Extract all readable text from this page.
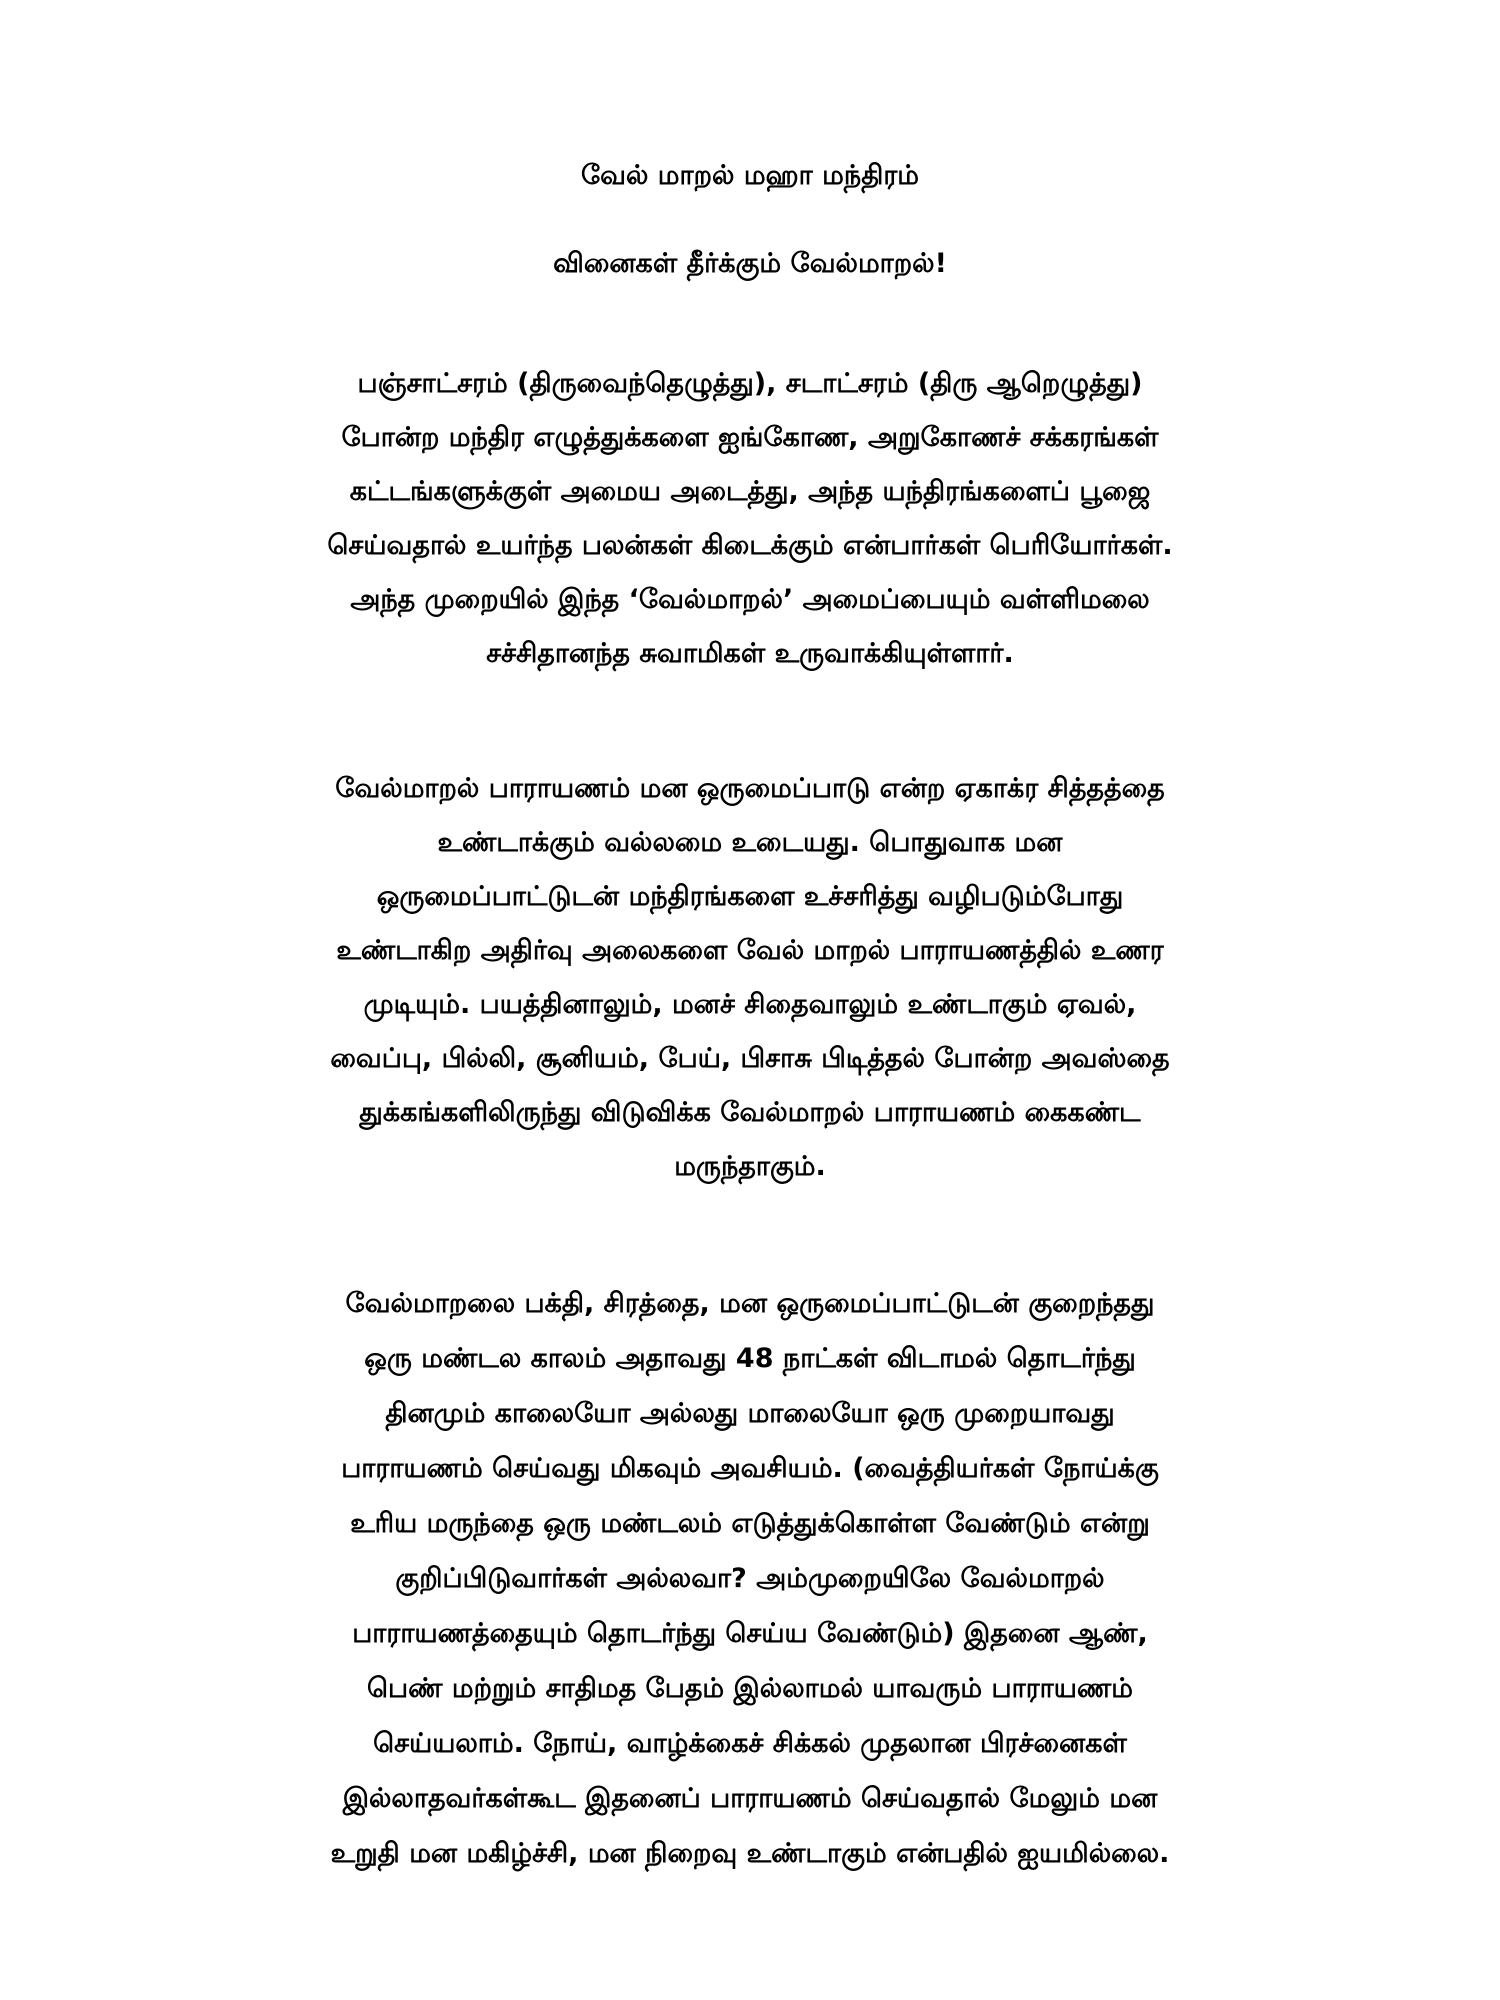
வேல் மாறல் மஹா மந்திரம்
வினைகள் தீர்க்கும் வேல்மாறல்!
பஞ்சாட்சரம் (திருவைந்தெழுத்து), சடாட்சரம் (திரு ஆறெழுத்து)
போன்ற மந்திர எழுத்துக்களை ஐங்கோண, அறுகோணச் சக்கரங்கள்
கட்டங்களுக்குள் அமைய அடைத்து, அந்த யந்திரங்களைப் பூஜை
செய்வதால் உயர்ந்த பலன்கள் கிடைக்கும் என்பார்கள் பெரியோர்கள்.
அந்த முறையில் இந்த ‘வேல்மாறல்’ அமைப்பையும் வள்ளிமலை
சச்சிதானந்த சுவாமிகள் உருவாக்கியுள்ளார்.
வேல்மாறல் பாராயணம் மன ஒருமைப்பாடு என்ற ஏகாக்ர சித்தத்தை
உண்டாக்கும் வல்லமை உடையது. பொதுவாக மன
ஒருமைப்பாட்டுடன் மந்திரங்களை உச்சரித்து வழிபடும்போது
உண்டாகிற அதிர்வு அலைகளை வேல் மாறல் பாராயணத்தில் உணர
முடியும். பயத்தினாலும், மனச் சிதைவாலும் உண்டாகும் ஏவல்,
வைப்பு, பில்லி, சூனியம், பேய், பிசாசு பிடித்தல் போன்ற அவஸ்தை
துக்கங்களிலிருந்து விடுவிக்க வேல்மாறல் பாராயணம் கைகண்ட
மருந்தாகும்.
வேல்மாறலை பக்தி, சிரத்தை, மன ஒருமைப்பாட்டுடன் குறைந்தது
ஒரு மண்டல காலம் அதாவது 48 நாட்கள் விடாமல் தொடர்ந்து
தினமும் காலையோ அல்லது மாலையோ ஒரு முறையாவது
பாராயணம் செய்வது மிகவும் அவசியம். (வைத்தியர்கள் நோய்க்கு
உரிய மருந்தை ஒரு மண்டலம் எடுத்துக்கொள்ள வேண்டும் என்று
குறிப்பிடுவார்கள் அல்லவா? அம்முறையிலே வேல்மாறல்
பாராயணத்தையும் தொடர்ந்து செய்ய வேண்டும்) இதனை ஆண்,
பெண் மற்றும் சாதிமத பேதம் இல்லாமல் யாவரும் பாராயணம்
செய்யலாம். நோய், வாழ்க்கைச் சிக்கல் முதலான பிரச்னைகள்
இல்லாதவர்கள்கூட இதனைப் பாராயணம் செய்வதால் மேலும் மன
உறுதி மன மகிழ்ச்சி, மன நிறைவு உண்டாகும் என்பதில் ஐயமில்லை.
